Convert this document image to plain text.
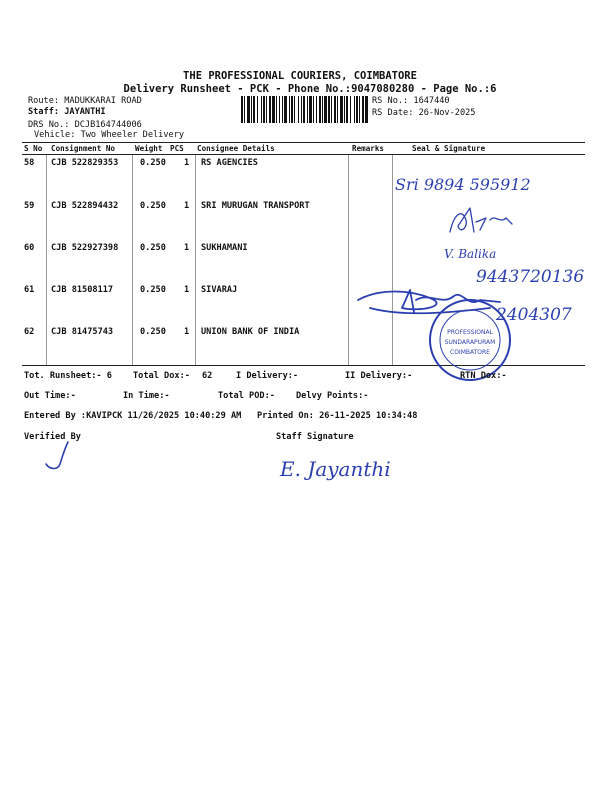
THE PROFESSIONAL COURIERS, COIMBATORE
Delivery Runsheet - PCK - Phone No.:9047080280 - Page No.:6
Route: MADUKKARAI ROAD
Staff: JAYANTHI
DRS No.: DCJB164744006
Vehicle: Two Wheeler Delivery
RS No.: 1647440
RS Date: 26-Nov-2025
S No Consignment No	Weight PCS Consignee Details	Remarks	Seal & Signature
58 CJB 522829353	0.250 1 RS AGENCIES
59 CJB 522894432	0.250 1 SRI MURUGAN TRANSPORT
60 CJB 522927398	0.250 1 SUKHAMANI
61 CJB 81508117	0.250 1 SIVARAJ
62 CJB 81475743	0.250 1 UNION BANK OF INDIA
Sri 9894 595912
Sd/-
V. Balika
9443720136
2404307
PROFESSIONAL
SUNDARAPURAM
COIMBATORE
Tot. Runsheet:- 6 Total Dox:- 62	I Delivery:-	II Delivery:-	RTN Dox:-
Out Time:-	In Time:-	Total POD:- Delvy Points:-
Entered By :KAVIPCK 11/26/2025 10:40:29 AM Printed On: 26-11-2025 10:34:48
Verified By	Staff Signature
E. Jayanthi
